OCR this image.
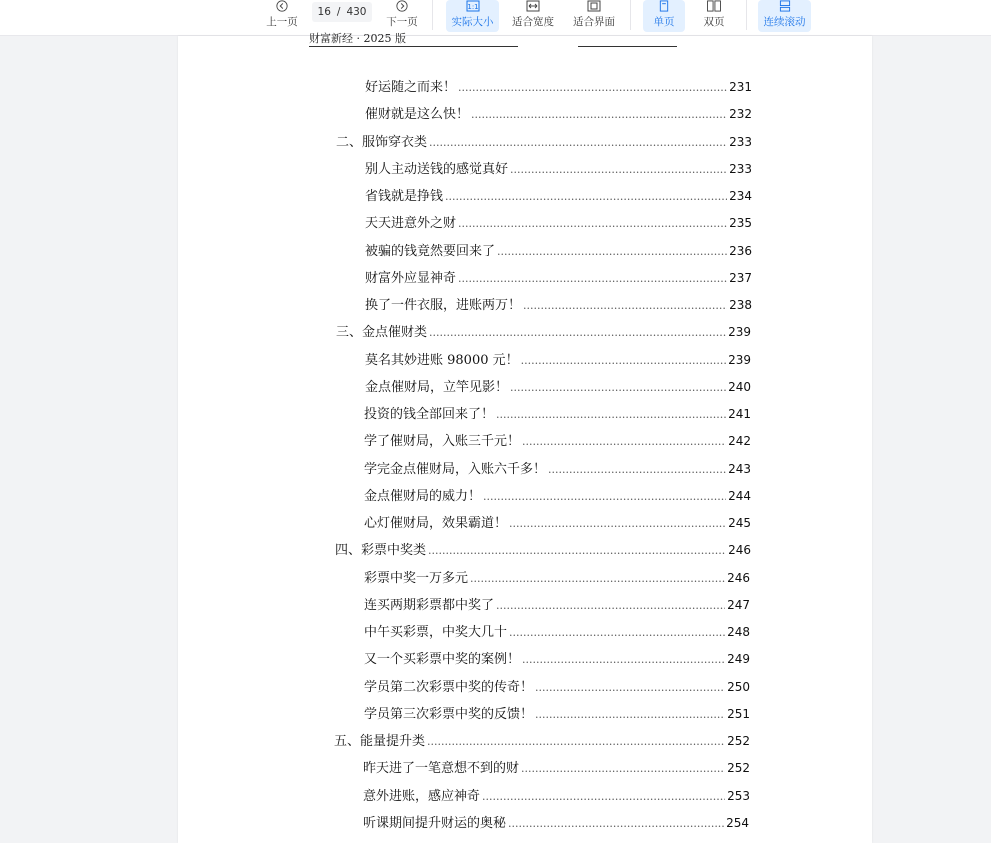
上一页
16 / 430
下一页
1:1
实际大小 适合宽度 适合界面	单页	双页	连续滚动
财富新经 · 2025 版
好运随之而来！ .....	231
催财就是这么快！ .....	232
二、服饰穿衣类 .....	233
别人主动送钱的感觉真好 .....	233
省钱就是挣钱 .....	234
天天进意外之财 .....	235
被骗的钱竟然要回来了 .....	236
财富外应显神奇 .....	237
换了一件衣服，进账两万！ .....	238
三、金点催财类 .....	239
莫名其妙进账 98000 元！ .....	239
金点催财局，立竿见影！ .....	240
投资的钱全部回来了！ .....	241
学了催财局，入账三千元！ .....	242
学完金点催财局，入账六千多！ .....	243
金点催财局的威力！ .....	244
心灯催财局，效果霸道！ .....	245
四、彩票中奖类 .....	246
彩票中奖一万多元 .....	246
连买两期彩票都中奖了 .....	247
中午买彩票，中奖大几十 .....	248
又一个买彩票中奖的案例！ .....	249
学员第二次彩票中奖的传奇！ .....	250
学员第三次彩票中奖的反馈！ .....	251
五、能量提升类 .....	252
昨天进了一笔意想不到的财 .....	252
意外进账，感应神奇 .....	253
听课期间提升财运的奥秘 .....	254
